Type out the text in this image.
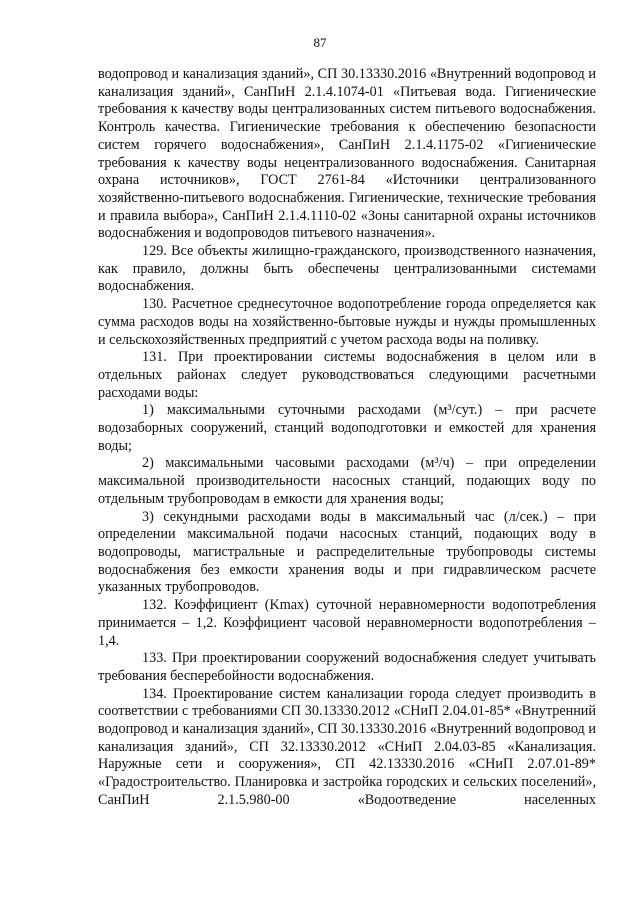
87

водопровод и канализация зданий», СП 30.13330.2016 «Внутренний водопровод и канализация зданий», СанПиН 2.1.4.1074-01 «Питьевая вода. Гигиенические требования к качеству воды централизованных систем питьевого водоснабжения. Контроль качества. Гигиенические требования к обеспечению безопасности систем горячего водоснабжения», СанПиН 2.1.4.1175-02 «Гигиенические требования к качеству воды нецентрализованного водоснабжения. Санитарная охрана источников», ГОСТ 2761-84 «Источники централизованного хозяйственно-питьевого водоснабжения. Гигиенические, технические требования и правила выбора», СанПиН 2.1.4.1110-02 «Зоны санитарной охраны источников водоснабжения и водопроводов питьевого назначения».

129. Все объекты жилищно-гражданского, производственного назначения, как правило, должны быть обеспечены централизованными системами водоснабжения.

130. Расчетное среднесуточное водопотребление города определяется как сумма расходов воды на хозяйственно-бытовые нужды и нужды промышленных и сельскохозяйственных предприятий с учетом расхода воды на поливку.

131. При проектировании системы водоснабжения в целом или в отдельных районах следует руководствоваться следующими расчетными расходами воды:

1) максимальными суточными расходами (м³/сут.) – при расчете водозаборных сооружений, станций водоподготовки и емкостей для хранения воды;

2) максимальными часовыми расходами (м³/ч) – при определении максимальной производительности насосных станций, подающих воду по отдельным трубопроводам в емкости для хранения воды;

3) секундными расходами воды в максимальный час (л/сек.) – при определении максимальной подачи насосных станций, подающих воду в водопроводы, магистральные и распределительные трубопроводы системы водоснабжения без емкости хранения воды и при гидравлическом расчете указанных трубопроводов.

132. Коэффициент (Kmax) суточной неравномерности водопотребления принимается – 1,2. Коэффициент часовой неравномерности водопотребления – 1,4.

133. При проектировании сооружений водоснабжения следует учитывать требования бесперебойности водоснабжения.

134. Проектирование систем канализации города следует производить в соответствии с требованиями СП 30.13330.2012 «СНиП 2.04.01-85* «Внутренний водопровод и канализация зданий», СП 30.13330.2016 «Внутренний водопровод и канализация зданий», СП 32.13330.2012 «СНиП 2.04.03-85 «Канализация. Наружные сети и сооружения», СП 42.13330.2016 «СНиП 2.07.01-89* «Градостроительство. Планировка и застройка городских и сельских поселений», СанПиН 2.1.5.980-00 «Водоотведение населенных
